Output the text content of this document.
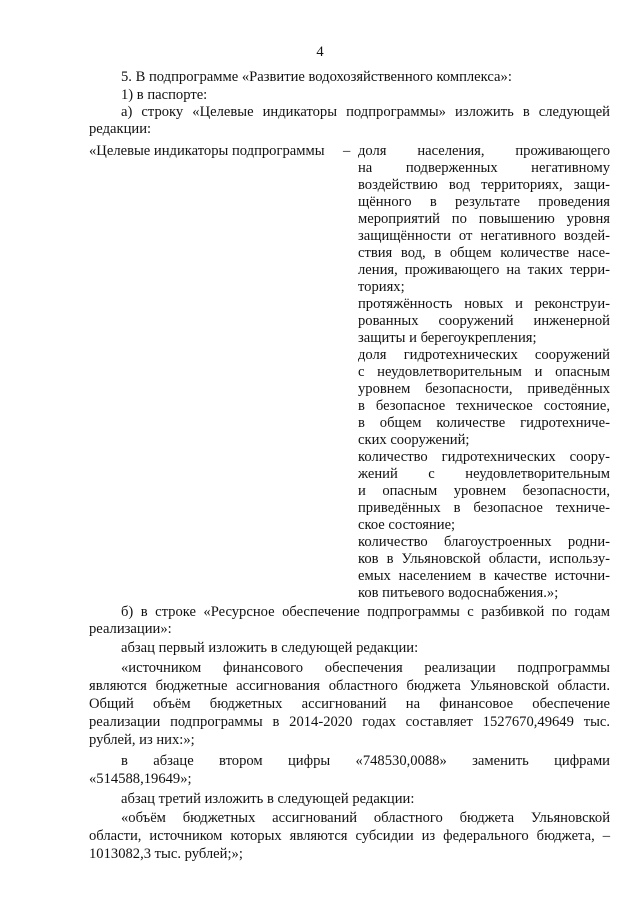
4
5. В подпрограмме «Развитие водохозяйственного комплекса»:
1) в паспорте:
а) строку «Целевые индикаторы подпрограммы» изложить в следующей
редакции:
«Целевые индикаторы подпрограммы – доля населения, проживающего
на подверженных негативному
воздействию вод территориях, защи-
щённого в результате проведения
мероприятий по повышению уровня
защищённости от негативного воздей-
ствия вод, в общем количестве насе-
ления, проживающего на таких терри-
ториях;
протяжённость новых и реконструи-
рованных сооружений инженерной
защиты и берегоукрепления;
доля гидротехнических сооружений
с неудовлетворительным и опасным
уровнем безопасности, приведённых
в безопасное техническое состояние,
в общем количестве гидротехниче-
ских сооружений;
количество гидротехнических соору-
жений с неудовлетворительным
и опасным уровнем безопасности,
приведённых в безопасное техниче-
ское состояние;
количество благоустроенных родни-
ков в Ульяновской области, использу-
емых населением в качестве источни-
ков питьевого водоснабжения.»;
б) в строке «Ресурсное обеспечение подпрограммы с разбивкой по годам
реализации»:
абзац первый изложить в следующей редакции:
«источником финансового обеспечения реализации подпрограммы
являются бюджетные ассигнования областного бюджета Ульяновской области.
Общий объём бюджетных ассигнований на финансовое обеспечение
реализации подпрограммы в 2014-2020 годах составляет 1527670,49649 тыс.
рублей, из них:»;
в абзаце втором цифры «748530,0088» заменить цифрами
«514588,19649»;
абзац третий изложить в следующей редакции:
«объём бюджетных ассигнований областного бюджета Ульяновской
области, источником которых являются субсидии из федерального бюджета, –
1013082,3 тыс. рублей;»;
